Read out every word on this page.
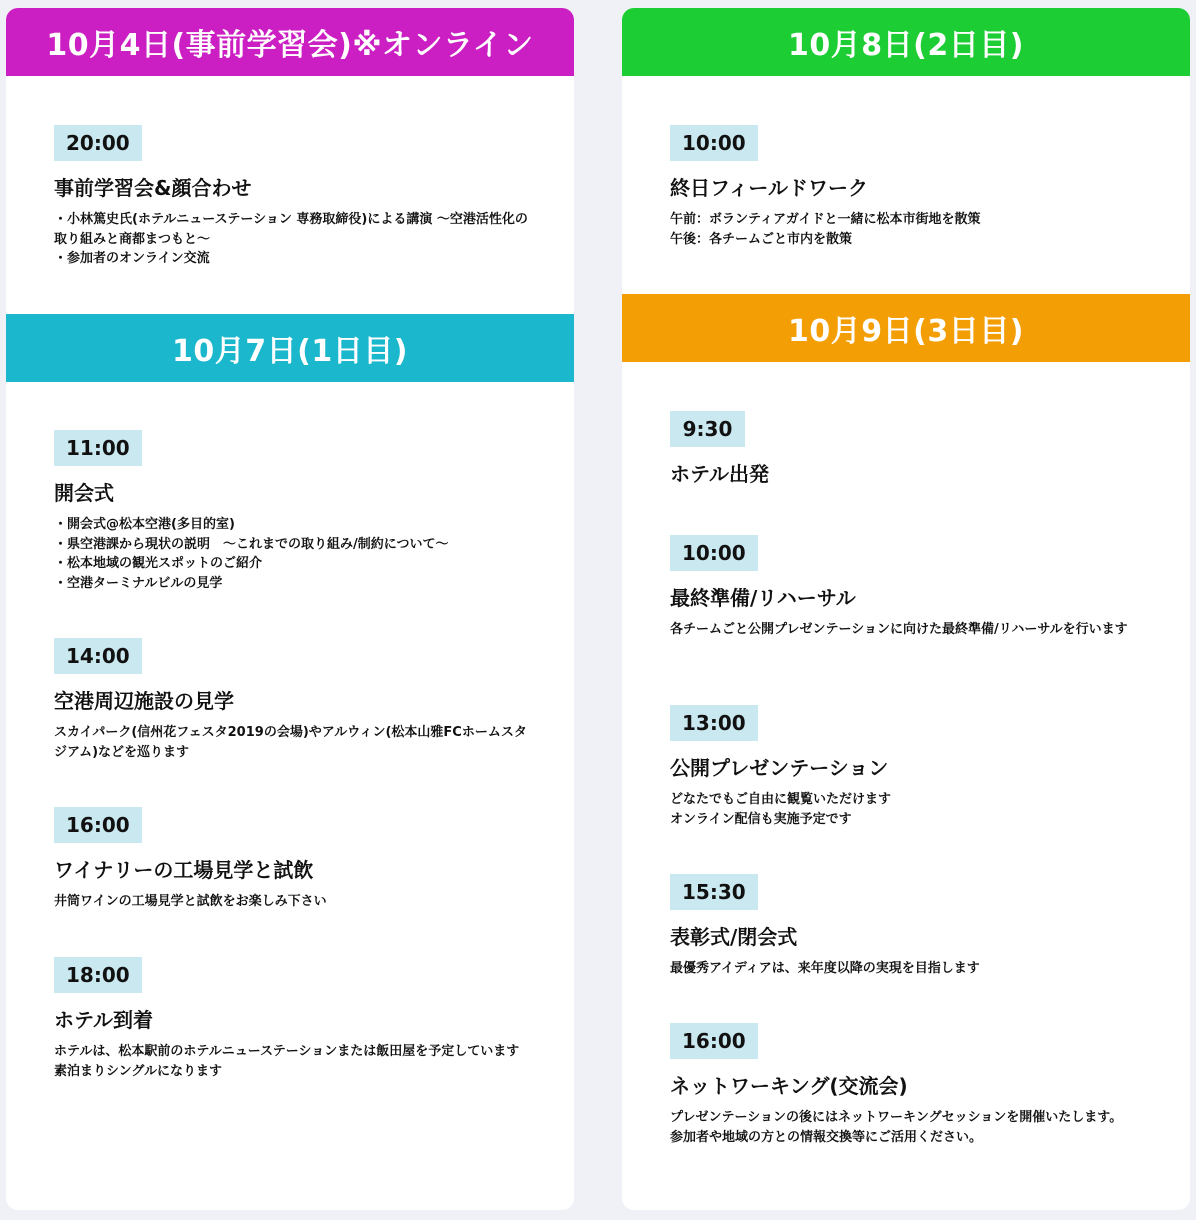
10月4日(事前学習会)※オンライン
20:00
事前学習会&顔合わせ
・小林篤史氏(ホテルニューステーション 専務取締役)による講演 〜空港活性化の取り組みと商都まつもと〜
・参加者のオンライン交流
10月7日(1日目)
11:00
開会式
・開会式@松本空港(多目的室)
・県空港課から現状の説明　〜これまでの取り組み/制約について〜
・松本地域の観光スポットのご紹介
・空港ターミナルビルの見学
14:00
空港周辺施設の見学
スカイパーク(信州花フェスタ2019の会場)やアルウィン(松本山雅FCホームスタジアム)などを巡ります
16:00
ワイナリーの工場見学と試飲
井筒ワインの工場見学と試飲をお楽しみ下さい
18:00
ホテル到着
ホテルは、松本駅前のホテルニューステーションまたは飯田屋を予定しています
素泊まりシングルになります
10月8日(2日目)
10:00
終日フィールドワーク
午前：ボランティアガイドと一緒に松本市街地を散策
午後：各チームごと市内を散策
10月9日(3日目)
9:30
ホテル出発
10:00
最終準備/リハーサル
各チームごと公開プレゼンテーションに向けた最終準備/リハーサルを行います
13:00
公開プレゼンテーション
どなたでもご自由に観覧いただけます
オンライン配信も実施予定です
15:30
表彰式/閉会式
最優秀アイディアは、来年度以降の実現を目指します
16:00
ネットワーキング(交流会)
プレゼンテーションの後にはネットワーキングセッションを開催いたします。
参加者や地域の方との情報交換等にご活用ください。
